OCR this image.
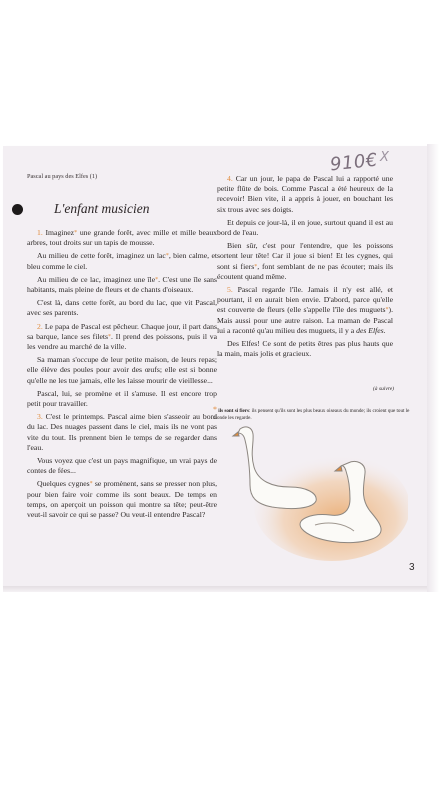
910€ X
Pascal au pays des Elfes (1)
L'enfant musicien

1. Imaginez* une grande forêt, avec mille et mille beaux arbres, tout droits sur un tapis de mousse.

Au milieu de cette forêt, imaginez un lac*, bien calme, et bleu comme le ciel.

Au milieu de ce lac, imaginez une île*. C'est une île sans habitants, mais pleine de fleurs et de chants d'oiseaux.

C'est là, dans cette forêt, au bord du lac, que vit Pascal, avec ses parents.

2. Le papa de Pascal est pêcheur. Chaque jour, il part dans sa barque, lance ses filets*. Il prend des poissons, puis il va les vendre au marché de la ville.

Sa maman s'occupe de leur petite maison, de leurs repas; elle élève des poules pour avoir des œufs; elle est si bonne qu'elle ne les tue jamais, elle les laisse mourir de vieillesse...

Pascal, lui, se promène et il s'amuse. Il est encore trop petit pour travailler.

3. C'est le printemps. Pascal aime bien s'asseoir au bord du lac. Des nuages passent dans le ciel, mais ils ne vont pas vite du tout. Ils prennent bien le temps de se regarder dans l'eau.

Vous voyez que c'est un pays magnifique, un vrai pays de contes de fées...

Quelques cygnes* se promènent, sans se presser non plus, pour bien faire voir comme ils sont beaux. De temps en temps, on aperçoit un poisson qui montre sa tête; peut-être veut-il savoir ce qui se passe? Ou veut-il entendre Pascal?

4. Car un jour, le papa de Pascal lui a rapporté une petite flûte de bois. Comme Pascal a été heureux de la recevoir! Bien vite, il a appris à jouer, en bouchant les six trous avec ses doigts.

Et depuis ce jour-là, il en joue, surtout quand il est au bord de l'eau.

Bien sûr, c'est pour l'entendre, que les poissons sortent leur tête! Car il joue si bien! Et les cygnes, qui sont si fiers*, font semblant de ne pas écouter; mais ils écoutent quand même.

5. Pascal regarde l'île. Jamais il n'y est allé, et pourtant, il en aurait bien envie. D'abord, parce qu'elle est couverte de fleurs (elle s'appelle l'île des muguets*). Mais aussi pour une autre raison. La maman de Pascal lui a raconté qu'au milieu des muguets, il y a des Elfes.

Des Elfes! Ce sont de petits êtres pas plus hauts que la main, mais jolis et gracieux.

(à suivre)
* ils sont si fiers: ils pensent qu'ils sont les plus beaux oiseaux du monde; ils croient que tout le monde les regarde.
3
